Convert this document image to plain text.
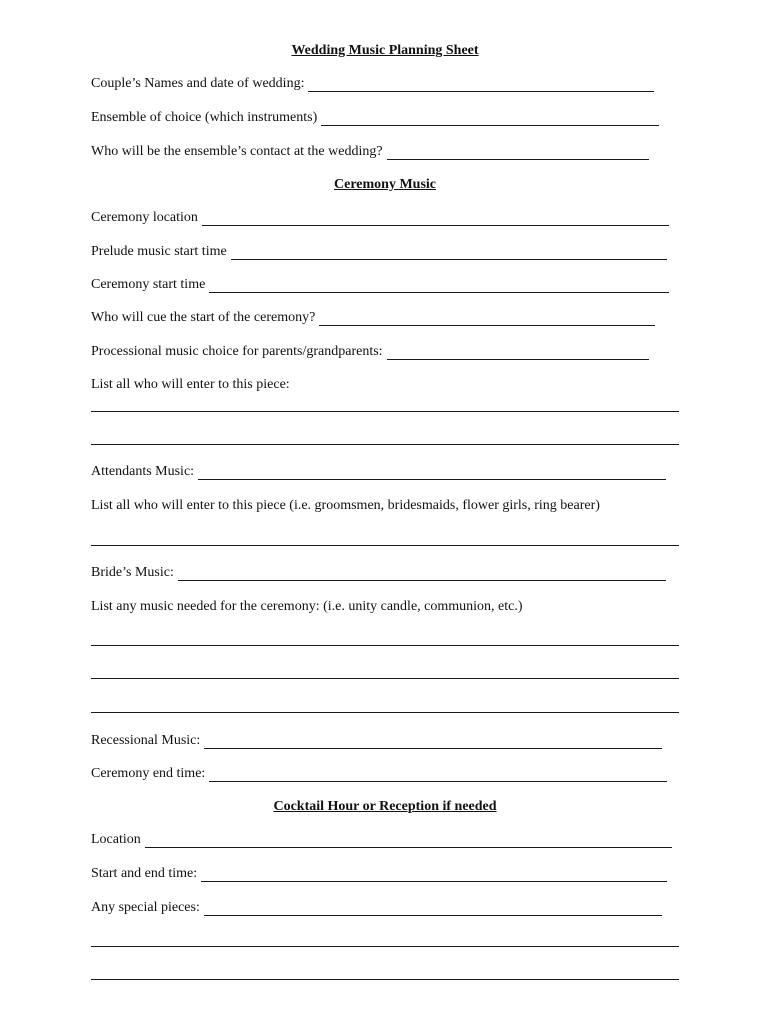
Wedding Music Planning Sheet
Couple’s Names and date of wedding:
Ensemble of choice (which instruments)
Who will be the ensemble’s contact at the wedding?
Ceremony Music
Ceremony location
Prelude music start time
Ceremony start time
Who will cue the start of the ceremony?
Processional music choice for parents/grandparents:
List all who will enter to this piece:
Attendants Music:
List all who will enter to this piece (i.e. groomsmen, bridesmaids, flower girls, ring bearer)
Bride’s Music:
List any music needed for the ceremony: (i.e. unity candle, communion, etc.)
Recessional Music:
Ceremony end time:
Cocktail Hour or Reception if needed
Location
Start and end time:
Any special pieces:
